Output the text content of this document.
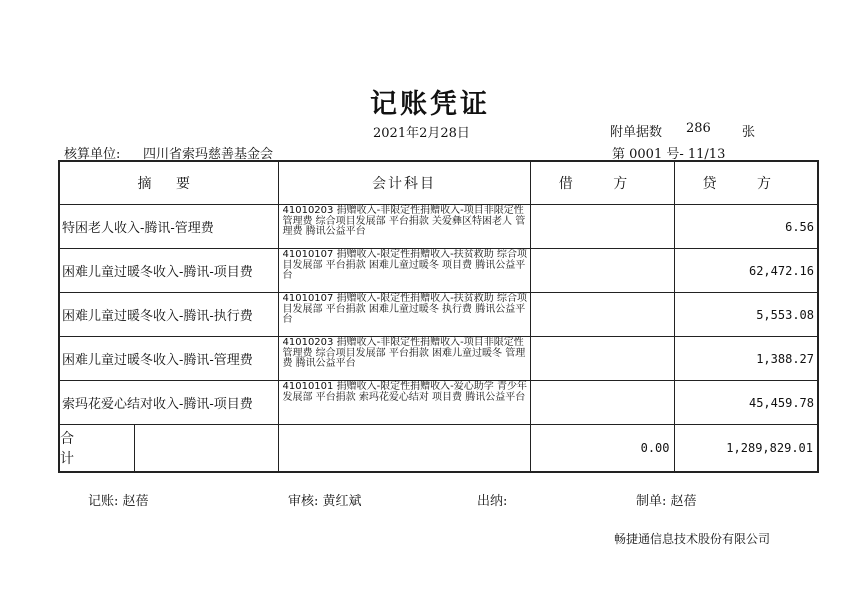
记账凭证
2021年2月28日	附单据数 286 张
核算单位: 四川省索玛慈善基金会	第 0001 号- 11/13
摘 要	会计科目	借 方	贷 方
特困老人收入-腾讯-管理费	41010203 捐赠收入-非限定性捐赠收入-项目非限定性管理费 综合项目发展部 平台捐款 关爱彝区特困老人 管理费 腾讯公益平台		6.56
困难儿童过暖冬收入-腾讯-项目费	41010107 捐赠收入-限定性捐赠收入-扶贫救助 综合项目发展部 平台捐款 困难儿童过暖冬 项目费 腾讯公益平台		62,472.16
困难儿童过暖冬收入-腾讯-执行费	41010107 捐赠收入-限定性捐赠收入-扶贫救助 综合项目发展部 平台捐款 困难儿童过暖冬 执行费 腾讯公益平台		5,553.08
困难儿童过暖冬收入-腾讯-管理费	41010203 捐赠收入-非限定性捐赠收入-项目非限定性管理费 综合项目发展部 平台捐款 困难儿童过暖冬 管理费 腾讯公益平台		1,388.27
索玛花爱心结对收入-腾讯-项目费	41010101 捐赠收入-限定性捐赠收入-爱心助学 青少年发展部 平台捐款 索玛花爱心结对 项目费 腾讯公益平台		45,459.78

合 计		0.00	1,289,829.01
记账: 赵蓓	审核: 黄红斌	出纳:	制单: 赵蓓
畅捷通信息技术股份有限公司
